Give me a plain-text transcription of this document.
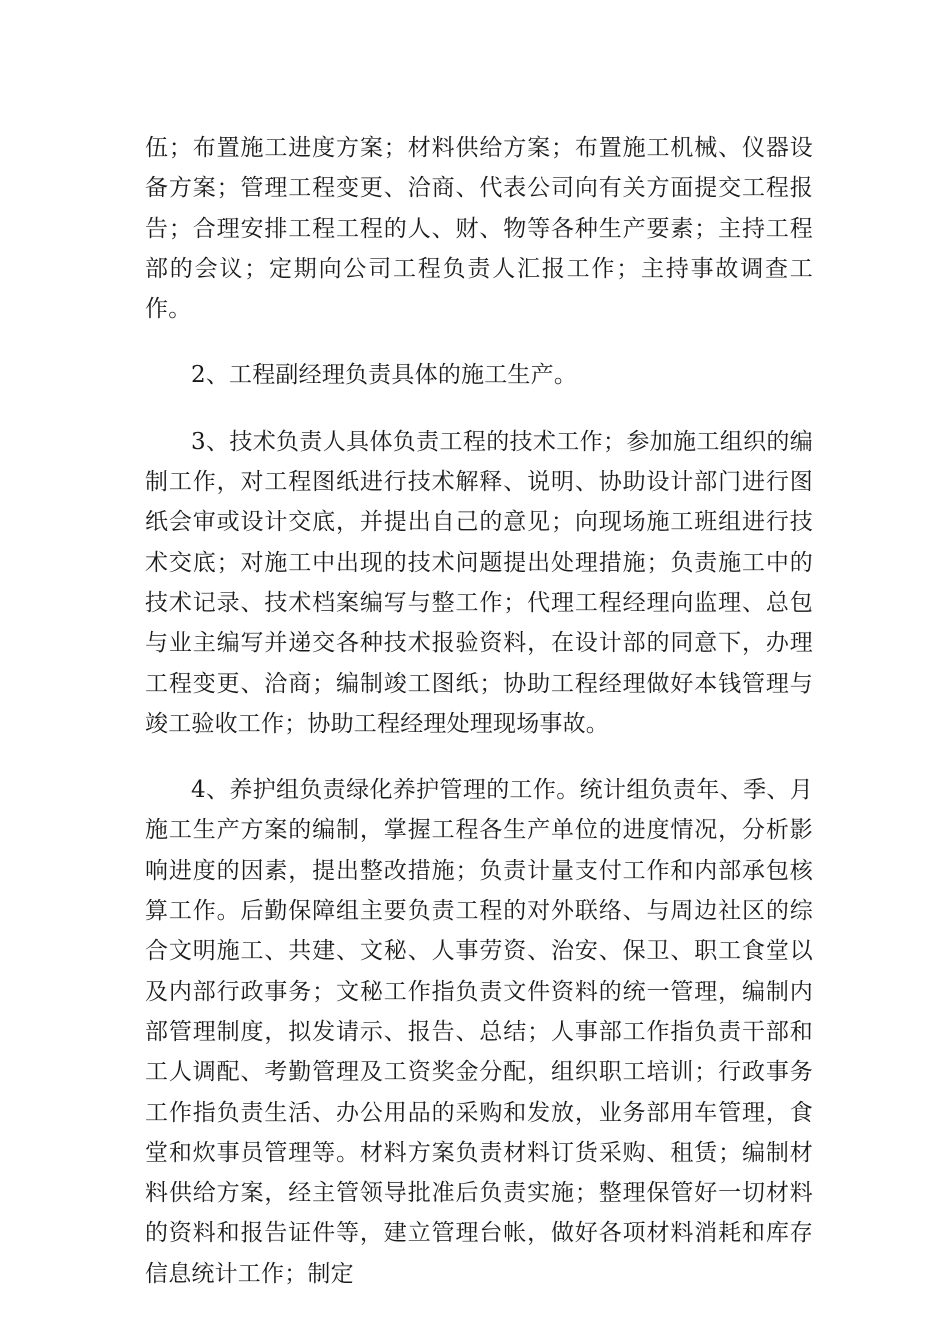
伍；布置施工进度方案；材料供给方案；布置施工机械、仪器设备方案；管理工程变更、洽商、代表公司向有关方面提交工程报告；合理安排工程工程的人、财、物等各种生产要素；主持工程部的会议；定期向公司工程负责人汇报工作；主持事故调查工作。

2、工程副经理负责具体的施工生产。

3、技术负责人具体负责工程的技术工作；参加施工组织的编制工作，对工程图纸进行技术解释、说明、协助设计部门进行图纸会审或设计交底，并提出自己的意见；向现场施工班组进行技术交底；对施工中出现的技术问题提出处理措施；负责施工中的技术记录、技术档案编写与整工作；代理工程经理向监理、总包与业主编写并递交各种技术报验资料，在设计部的同意下，办理工程变更、洽商；编制竣工图纸；协助工程经理做好本钱管理与竣工验收工作；协助工程经理处理现场事故。

4、养护组负责绿化养护管理的工作。统计组负责年、季、月施工生产方案的编制，掌握工程各生产单位的进度情况，分析影响进度的因素，提出整改措施；负责计量支付工作和内部承包核算工作。后勤保障组主要负责工程的对外联络、与周边社区的综合文明施工、共建、文秘、人事劳资、治安、保卫、职工食堂以及内部行政事务；文秘工作指负责文件资料的统一管理，编制内部管理制度，拟发请示、报告、总结；人事部工作指负责干部和工人调配、考勤管理及工资奖金分配，组织职工培训；行政事务工作指负责生活、办公用品的采购和发放，业务部用车管理，食堂和炊事员管理等。材料方案负责材料订货采购、租赁；编制材料供给方案，经主管领导批准后负责实施；整理保管好一切材料的资料和报告证件等，建立管理台帐，做好各项材料消耗和库存信息统计工作；制定
